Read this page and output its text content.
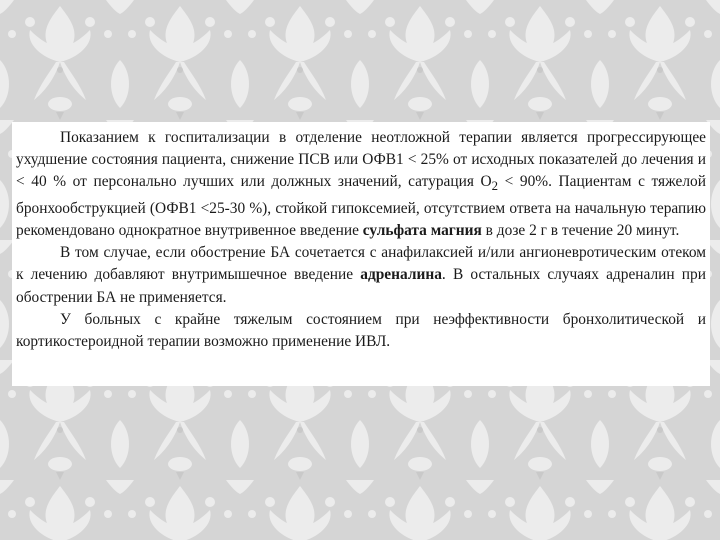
Показанием к госпитализации в отделение неотложной терапии является прогрессирующее ухудшение состояния пациента, снижение ПСВ или ОФВ1 < 25% от исходных показателей до лечения и < 40 % от персонально лучших или должных значений, сатурация $O_2 < 90\%$. Пациентам с тяжелой бронхообструкцией (ОФВ1 <25-30 %), стойкой гипоксемией, отсутствием ответа на начальную терапию рекомендовано однократное внутривенное введение сульфата магния в дозе 2 г в течение 20 минут.

В том случае, если обострение БА сочетается с анафилаксией и/или ангионевротическим отеком к лечению добавляют внутримышечное введение адреналина. В остальных случаях адреналин при обострении БА не применяется.

У больных с крайне тяжелым состоянием при неэффективности бронхолитической и кортикостероидной терапии возможно применение ИВЛ.
